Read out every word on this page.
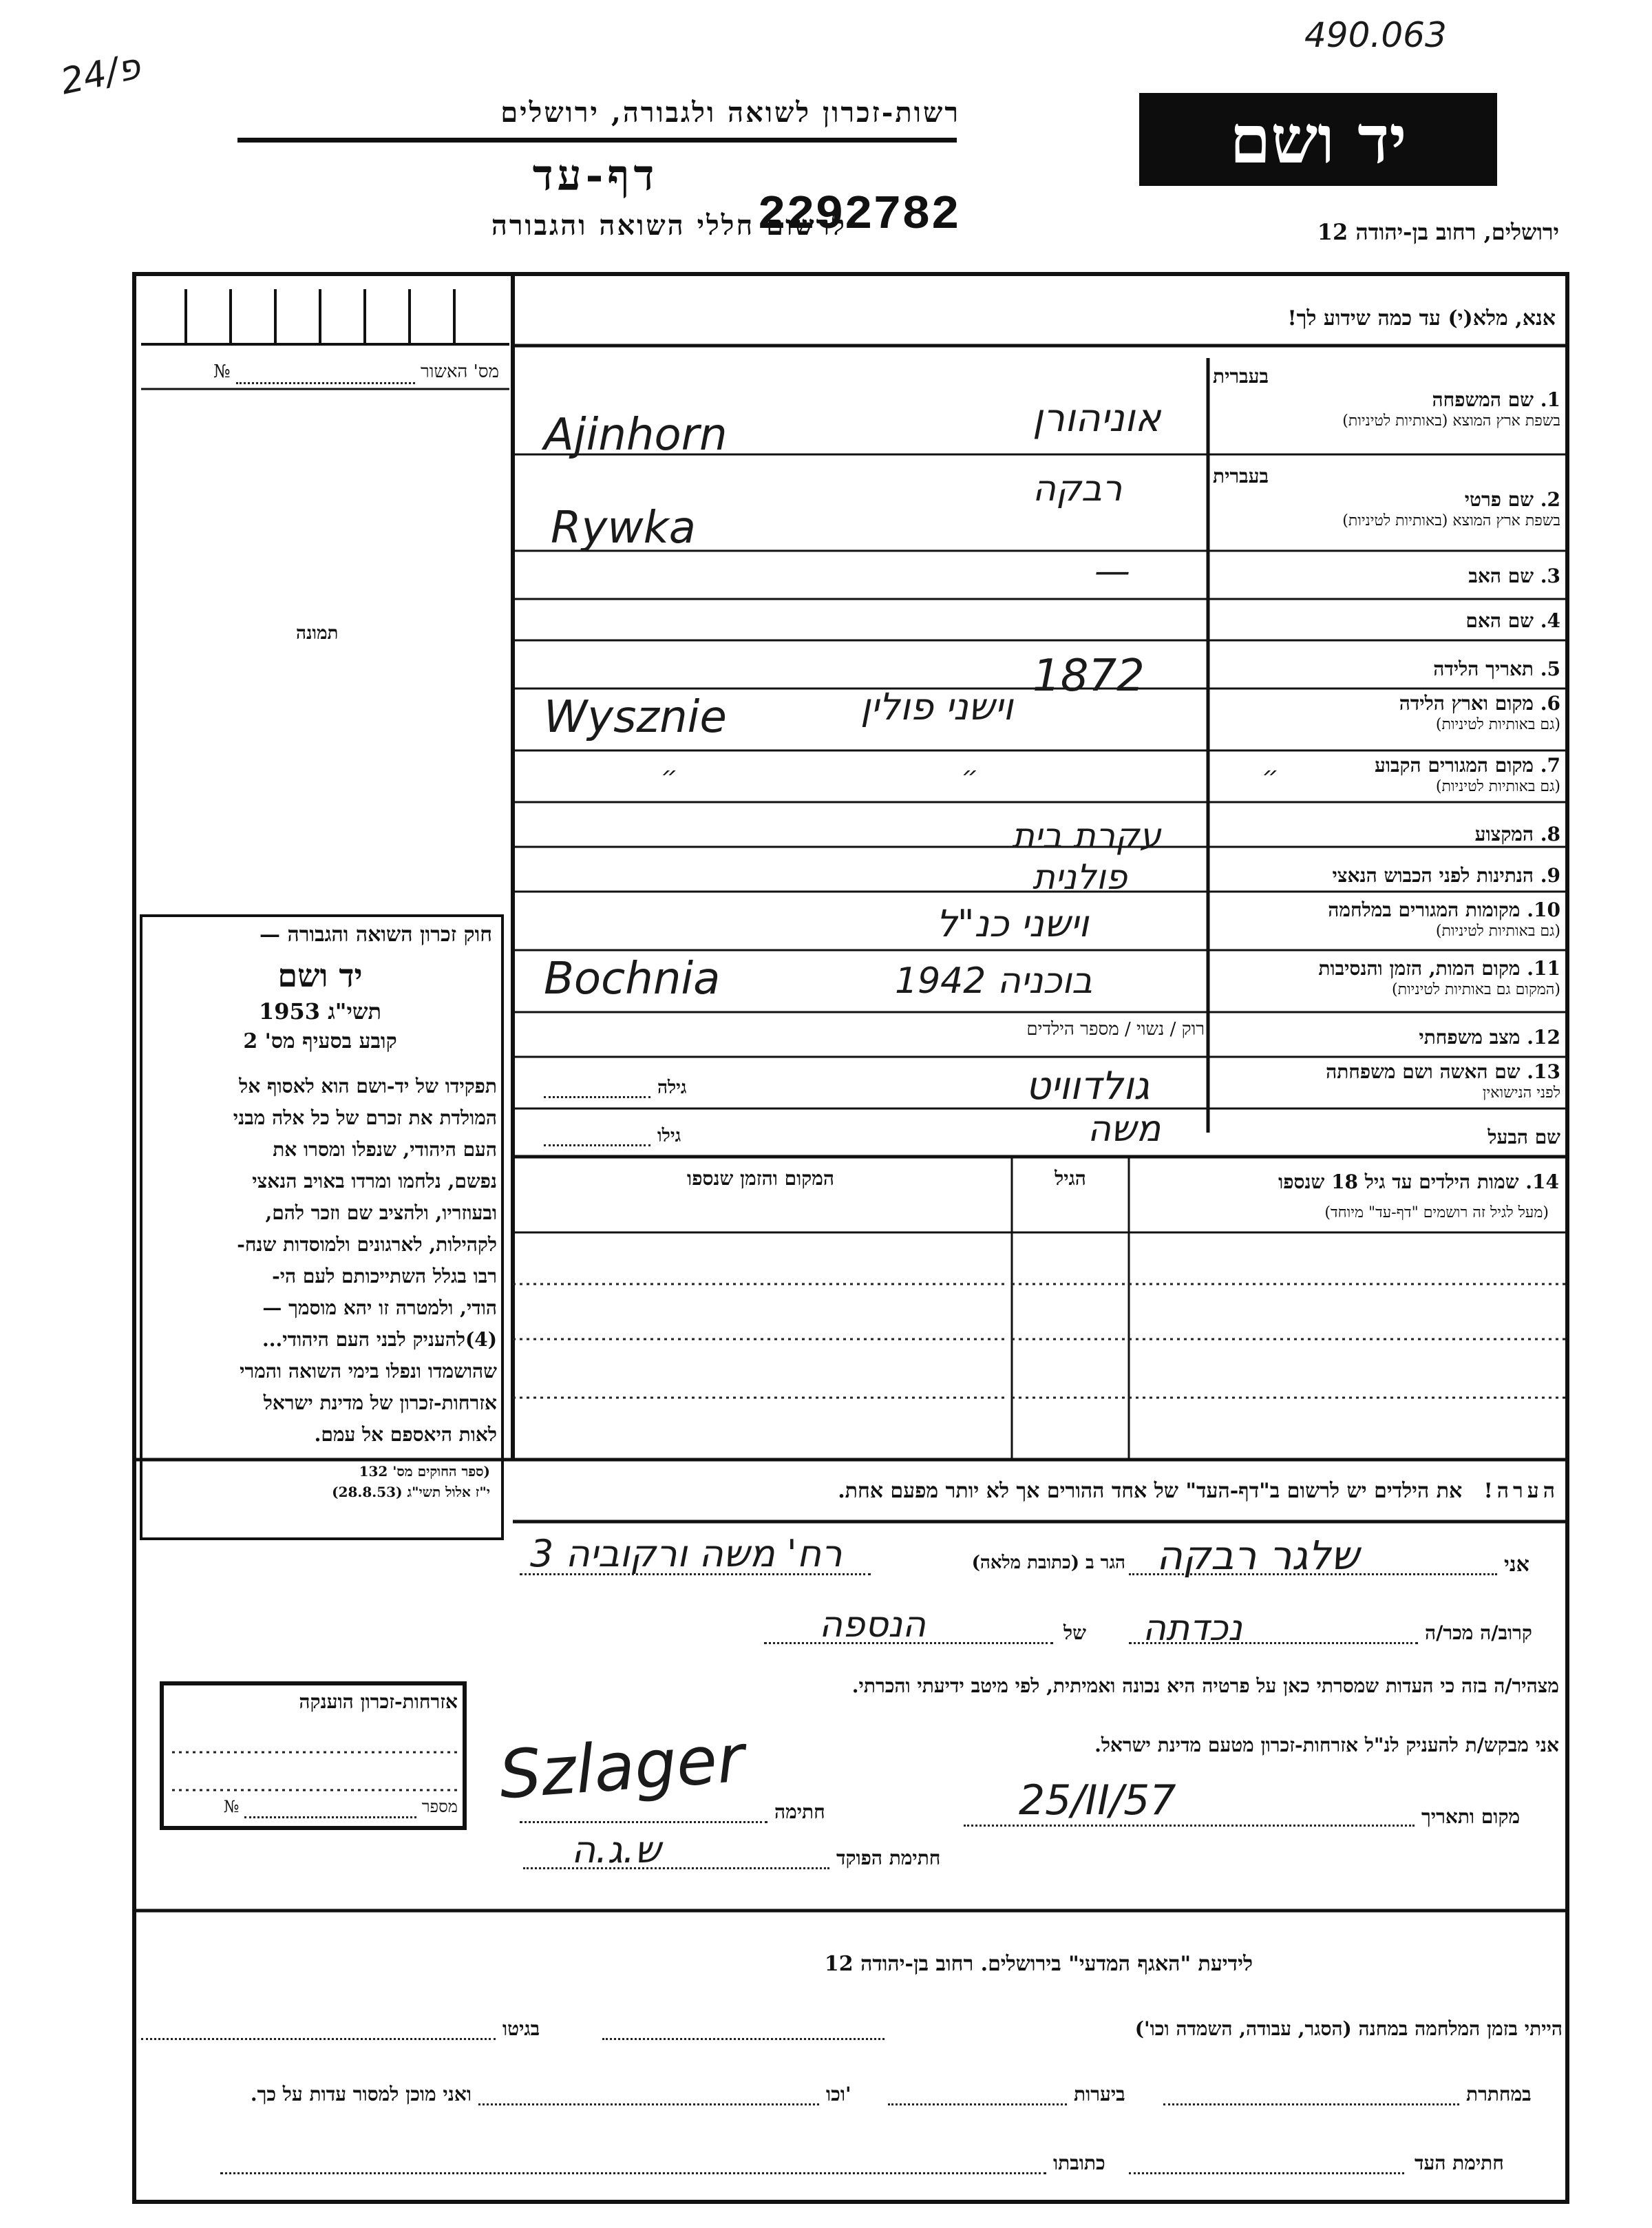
490.063
24/פ
רשות-זכרון לשואה ולגבורה, ירושלים
דף-עד
לרשום חללי השואה והגבורה
2292782
יד ושם
ירושלים, רחוב בן-יהודה 12
מס' האשור   №
תמונה
חוק זכרון השואה והגבורה —
יד ושם
תשי"ג 1953
קובע בסעיף מס' 2
תפקידו של יד-ושם הוא לאסוף אל
המולדת את זכרם של כל אלה מבני
העם היהודי, שנפלו ומסרו את
נפשם, נלחמו ומרדו באויב הנאצי
ובעוזריו, ולהציב שם וזכר להם,
לקהילות, לארגונים ולמוסדות שנח-
רבו בגלל השתייכותם לעם הי-
הודי, ולמטרה זו יהא מוסמך —
(4)להעניק לבני העם היהודי...
שהושמדו ונפלו בימי השואה והמרי
אזרחות-זכרון של מדינת ישראל
לאות היאספם אל עמם.
(ספר החוקים מס' 132
י"ז אלול תשי"ג (28.8.53)
אזרחות-זכרון הוענקה
מספר   №
אנא, מלא(י) עד כמה שידוע לך!
בעברית
1. שם המשפחה
בשפת ארץ המוצא (באותיות לטיניות)
בעברית
2. שם פרטי
בשפת ארץ המוצא (באותיות לטיניות)
3. שם האב
4. שם האם
5. תאריך הלידה
6. מקום וארץ הלידה
(גם באותיות לטיניות)
7. מקום המגורים הקבוע
(גם באותיות לטיניות)
8. המקצוע
9. הנתינות לפני הכבוש הנאצי
10. מקומות המגורים במלחמה
(גם באותיות לטיניות)
11. מקום המות, הזמן והנסיבות
(המקום גם באותיות לטיניות)
12. מצב משפחתי
13. שם האשה ושם משפחתה
לפני הנישואין
שם הבעל
אוניהורן
Ajinhorn
רבקה
Rywka
—
1872
וישני פולין
Wysznie
״ ״ ״
עקרת בית
פולנית
וישני כנ"ל
בוכניה 1942
Bochnia
רוק / נשוי / מספר הילדים
גולדוויט
גילה
משה
גילו
14. שמות הילדים עד גיל 18 שנספו
(מעל לגיל זה רושמים "דף-עד" מיוחד)
הגיל
המקום והזמן שנספו
הערה!   את הילדים יש לרשום ב"דף-העד" של אחד ההורים אך לא יותר מפעם אחת.
אני
שלגר רבקה
הגר ב (כתובת מלאה)
רח' משה ורקוביה 3
קרוב/ה מכר/ה
נכדתה
של
הנספה
מצהיר/ה בזה כי העדות שמסרתי כאן על פרטיה היא נכונה ואמיתית, לפי מיטב ידיעתי והכרתי.
אני מבקש/ת להעניק לנ"ל אזרחות-זכרון מטעם מדינת ישראל.
מקום ותאריך
25/II/57
חתימה
Szlager
חתימת הפוקד
ש.ג.ה
לידיעת "האגף המדעי" בירושלים. רחוב בן-יהודה 12
הייתי בזמן המלחמה במחנה (הסגר, עבודה, השמדה וכו')
בגיטו
במחתרת
ביערות
וכו'
ואני מוכן למסור עדות על כך.
חתימת העד
כתובתו
